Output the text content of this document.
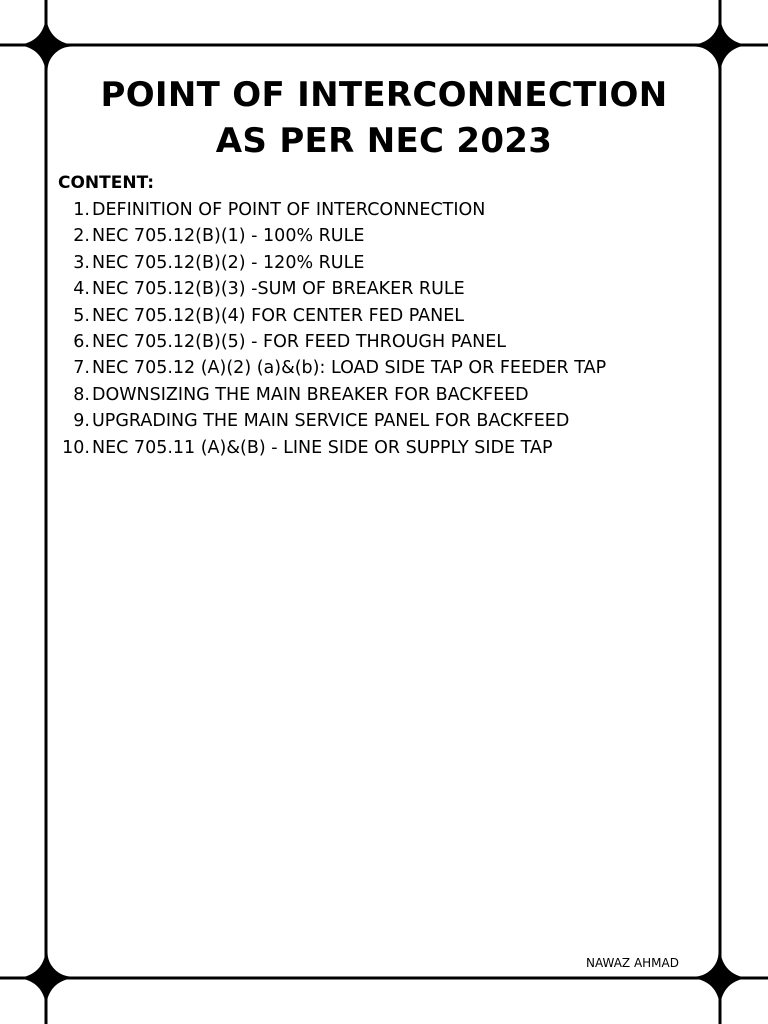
POINT OF INTERCONNECTION
AS PER NEC 2023

CONTENT:

1. DEFINITION OF POINT OF INTERCONNECTION
2. NEC 705.12(B)(1) - 100% RULE
3. NEC 705.12(B)(2) - 120% RULE
4. NEC 705.12(B)(3) -SUM OF BREAKER RULE
5. NEC 705.12(B)(4) FOR CENTER FED PANEL
6. NEC 705.12(B)(5) - FOR FEED THROUGH PANEL
7. NEC 705.12 (A)(2) (a)&(b): LOAD SIDE TAP OR FEEDER TAP
8. DOWNSIZING THE MAIN BREAKER FOR BACKFEED
9. UPGRADING THE MAIN SERVICE PANEL FOR BACKFEED
10. NEC 705.11 (A)&(B) - LINE SIDE OR SUPPLY SIDE TAP
NAWAZ AHMAD
